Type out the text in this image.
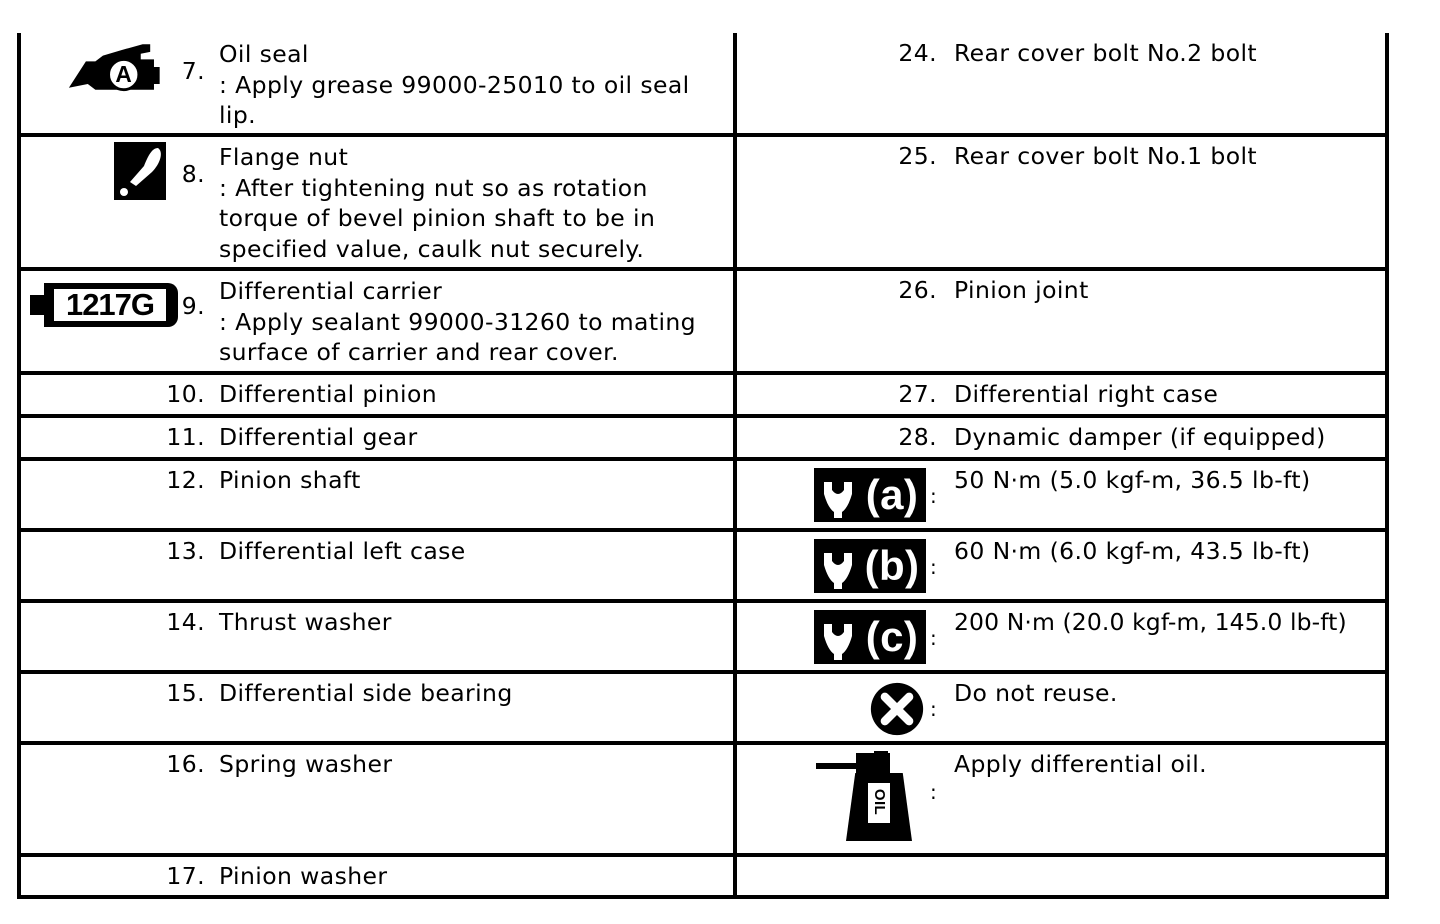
A	7.
Oil seal
: Apply grease 99000-25010 to oil seal
lip.
8.
Flange nut
: After tightening nut so as rotation
torque of bevel pinion shaft to be in
specified value, caulk nut securely.
1217G	9.
Differential carrier
: Apply sealant 99000-31260 to mating
surface of carrier and rear cover.
10. Differential pinion
11. Differential gear
12. Pinion shaft
13. Differential left case
14. Thrust washer
15. Differential side bearing
16. Spring washer
17. Pinion washer
24. Rear cover bolt No.2 bolt
25. Rear cover bolt No.1 bolt
26. Pinion joint
27. Differential right case
28. Dynamic damper (if equipped)
(a) :
50 N·m (5.0 kgf-m, 36.5 lb-ft)
(b) :
60 N·m (6.0 kgf-m, 43.5 lb-ft)
(c) :
200 N·m (20.0 kgf-m, 145.0 lb-ft)
:
Do not reuse.
OIL :
Apply differential oil.
